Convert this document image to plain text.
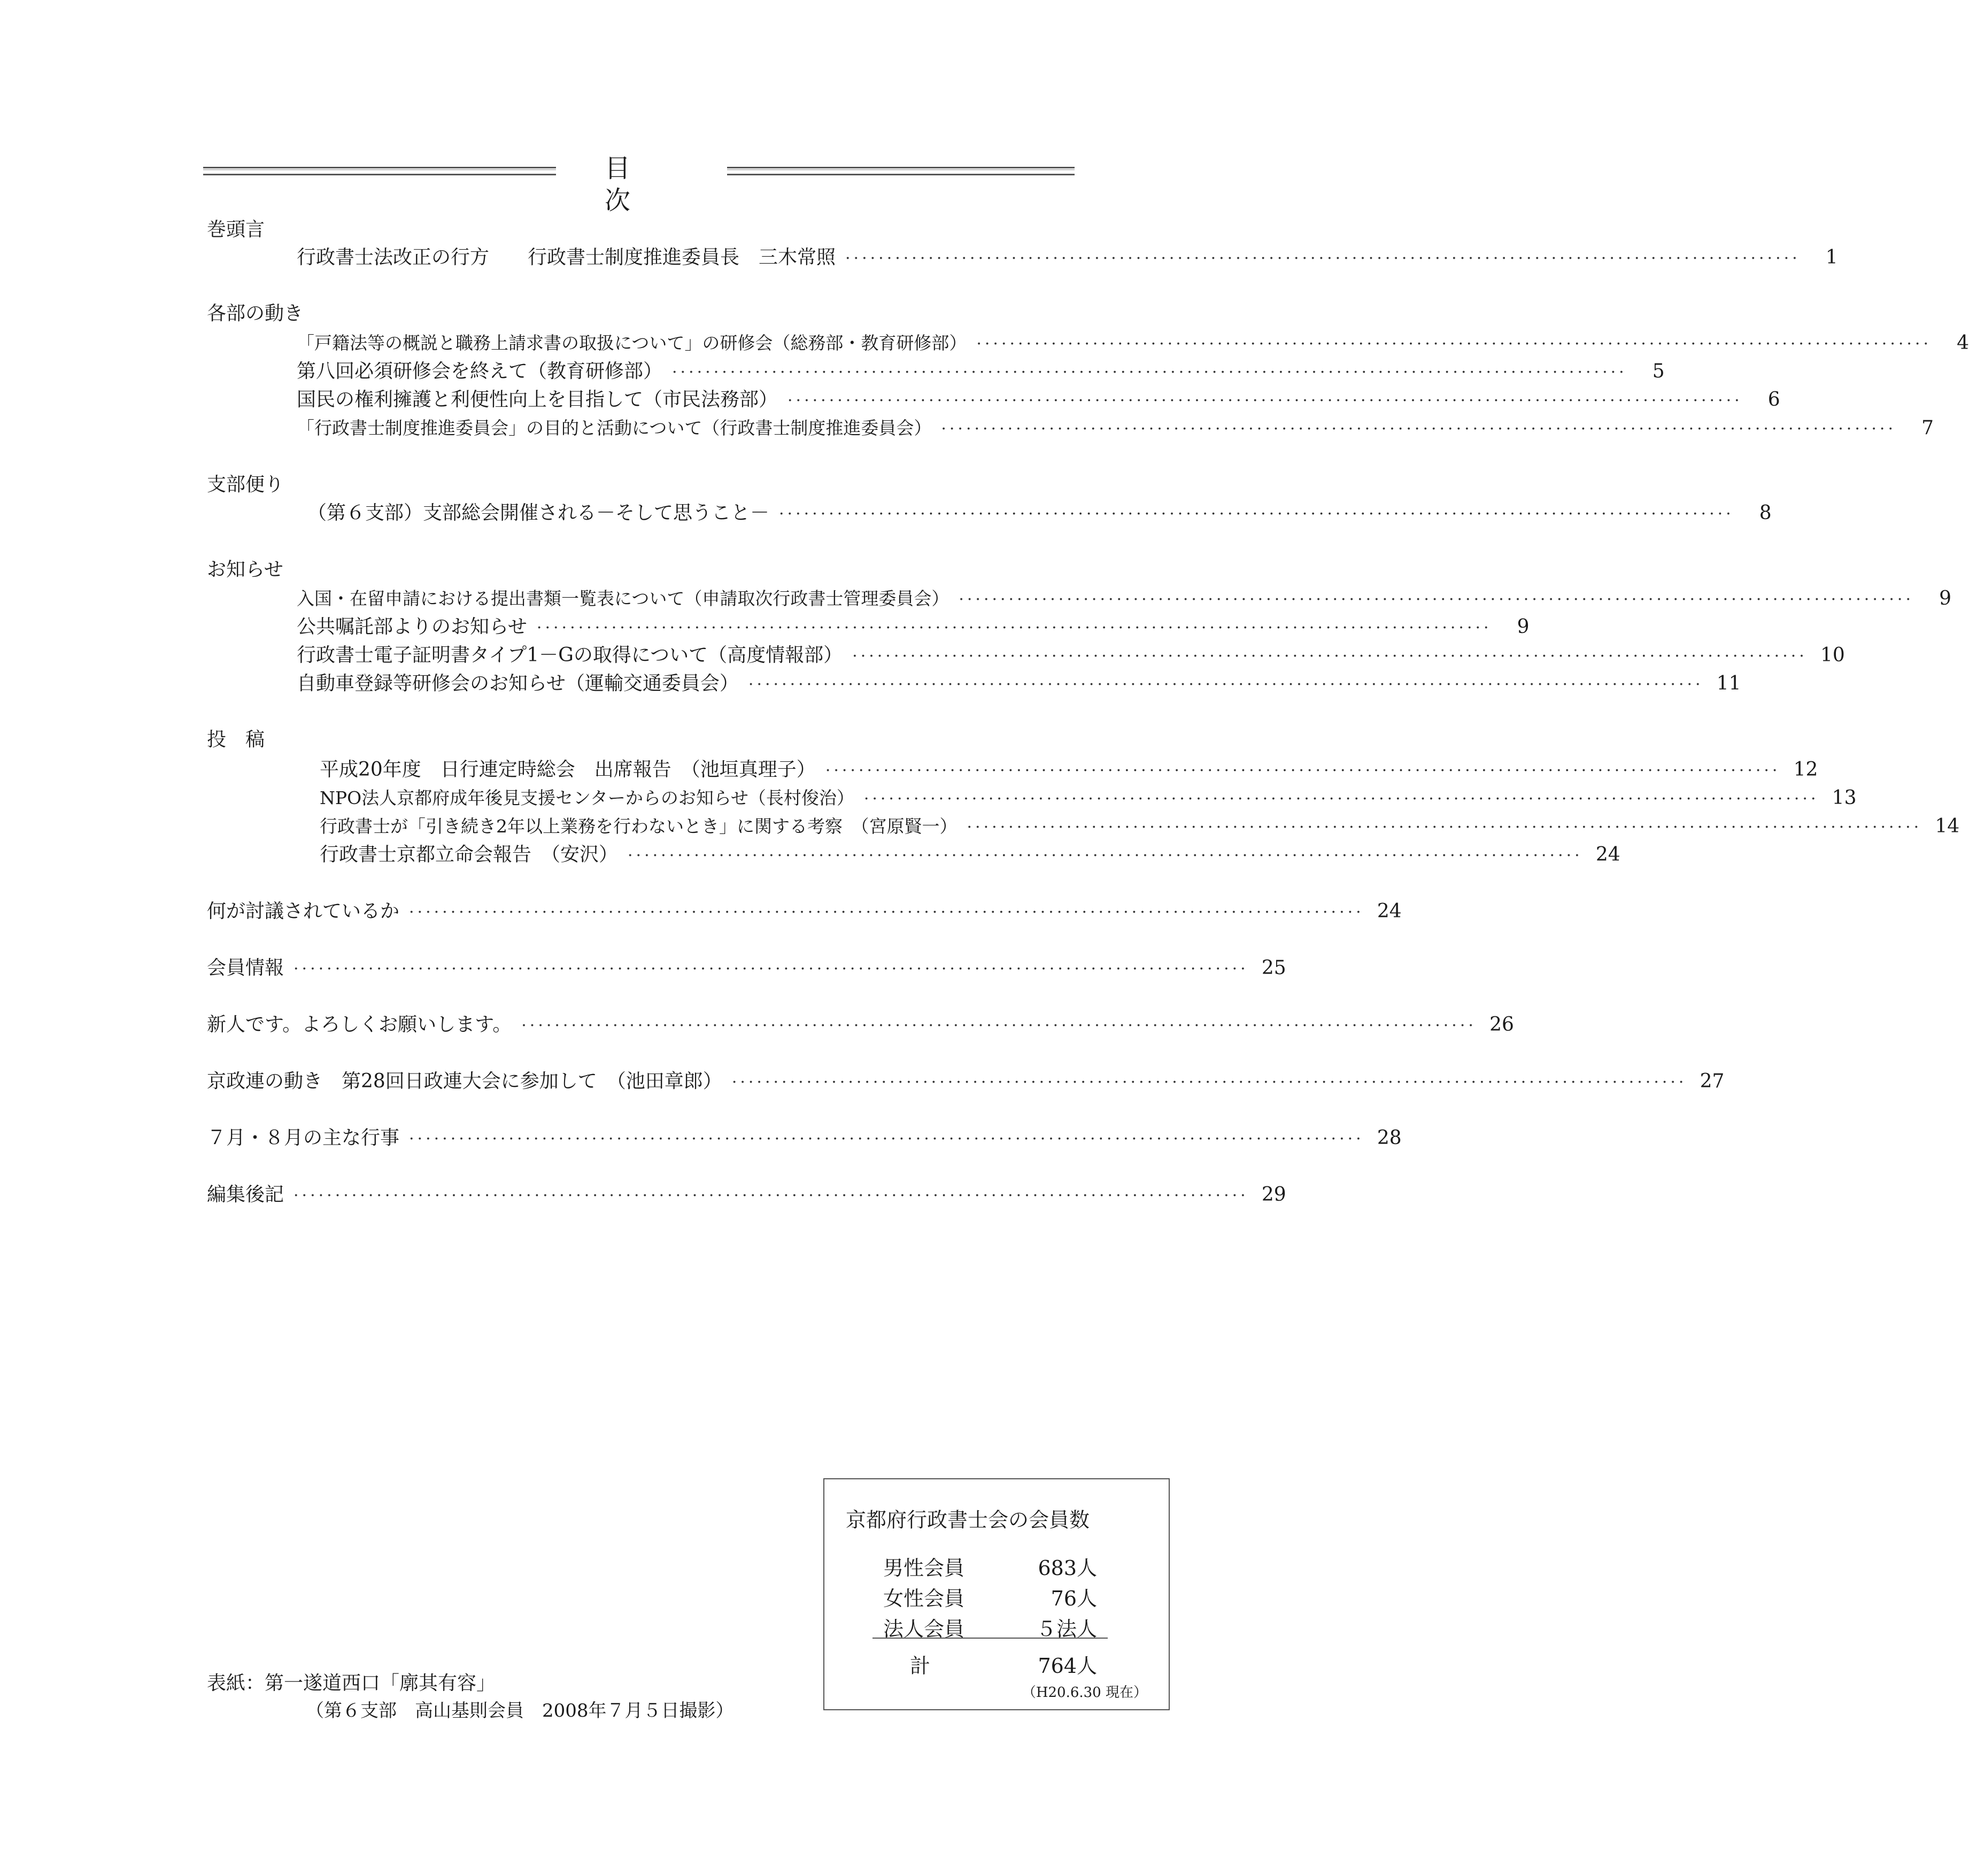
目次
巻頭言
行政書士法改正の行方　　行政書士制度推進委員長　三木常照 ···················································································································	1
各部の動き
「戸籍法等の概説と職務上請求書の取扱について」の研修会（総務部・教育研修部） ···················································································································	4
第八回必須研修会を終えて（教育研修部） ···················································································································	5
国民の権利擁護と利便性向上を目指して（市民法務部） ···················································································································	6
「行政書士制度推進委員会」の目的と活動について（行政書士制度推進委員会） ···················································································································	7
支部便り
（第６支部）支部総会開催される－そして思うこと－ ···················································································································	8
お知らせ
入国・在留申請における提出書類一覧表について（申請取次行政書士管理委員会） ···················································································································	9
公共嘱託部よりのお知らせ ···················································································································	9
行政書士電子証明書タイプ1－Gの取得について（高度情報部） ··················································································································· 10
自動車登録等研修会のお知らせ（運輸交通委員会） ··················································································································· 11
投　稿
平成20年度　日行連定時総会　出席報告　（池垣真理子） ··················································································································· 12
NPO法人京都府成年後見支援センターからのお知らせ（長村俊治） ··················································································································· 13
行政書士が「引き続き2年以上業務を行わないとき」に関する考察　（宮原賢一） ··················································································································· 14
行政書士京都立命会報告　（安沢） ··················································································································· 24
何が討議されているか ··················································································································· 24
会員情報 ··················································································································· 25
新人です。よろしくお願いします。 ··················································································································· 26
京政連の動き　第28回日政連大会に参加して　（池田章郎） ··················································································································· 27
７月・８月の主な行事 ··················································································································· 28
編集後記 ··················································································································· 29
京都府行政書士会の会員数
男性会員	683人
女性会員	76人
法人会員	５法人
計	764人
（H20.6.30 現在）
表紙：第一遂道西口「廓其有容」
（第６支部　高山基則会員　2008年７月５日撮影）
